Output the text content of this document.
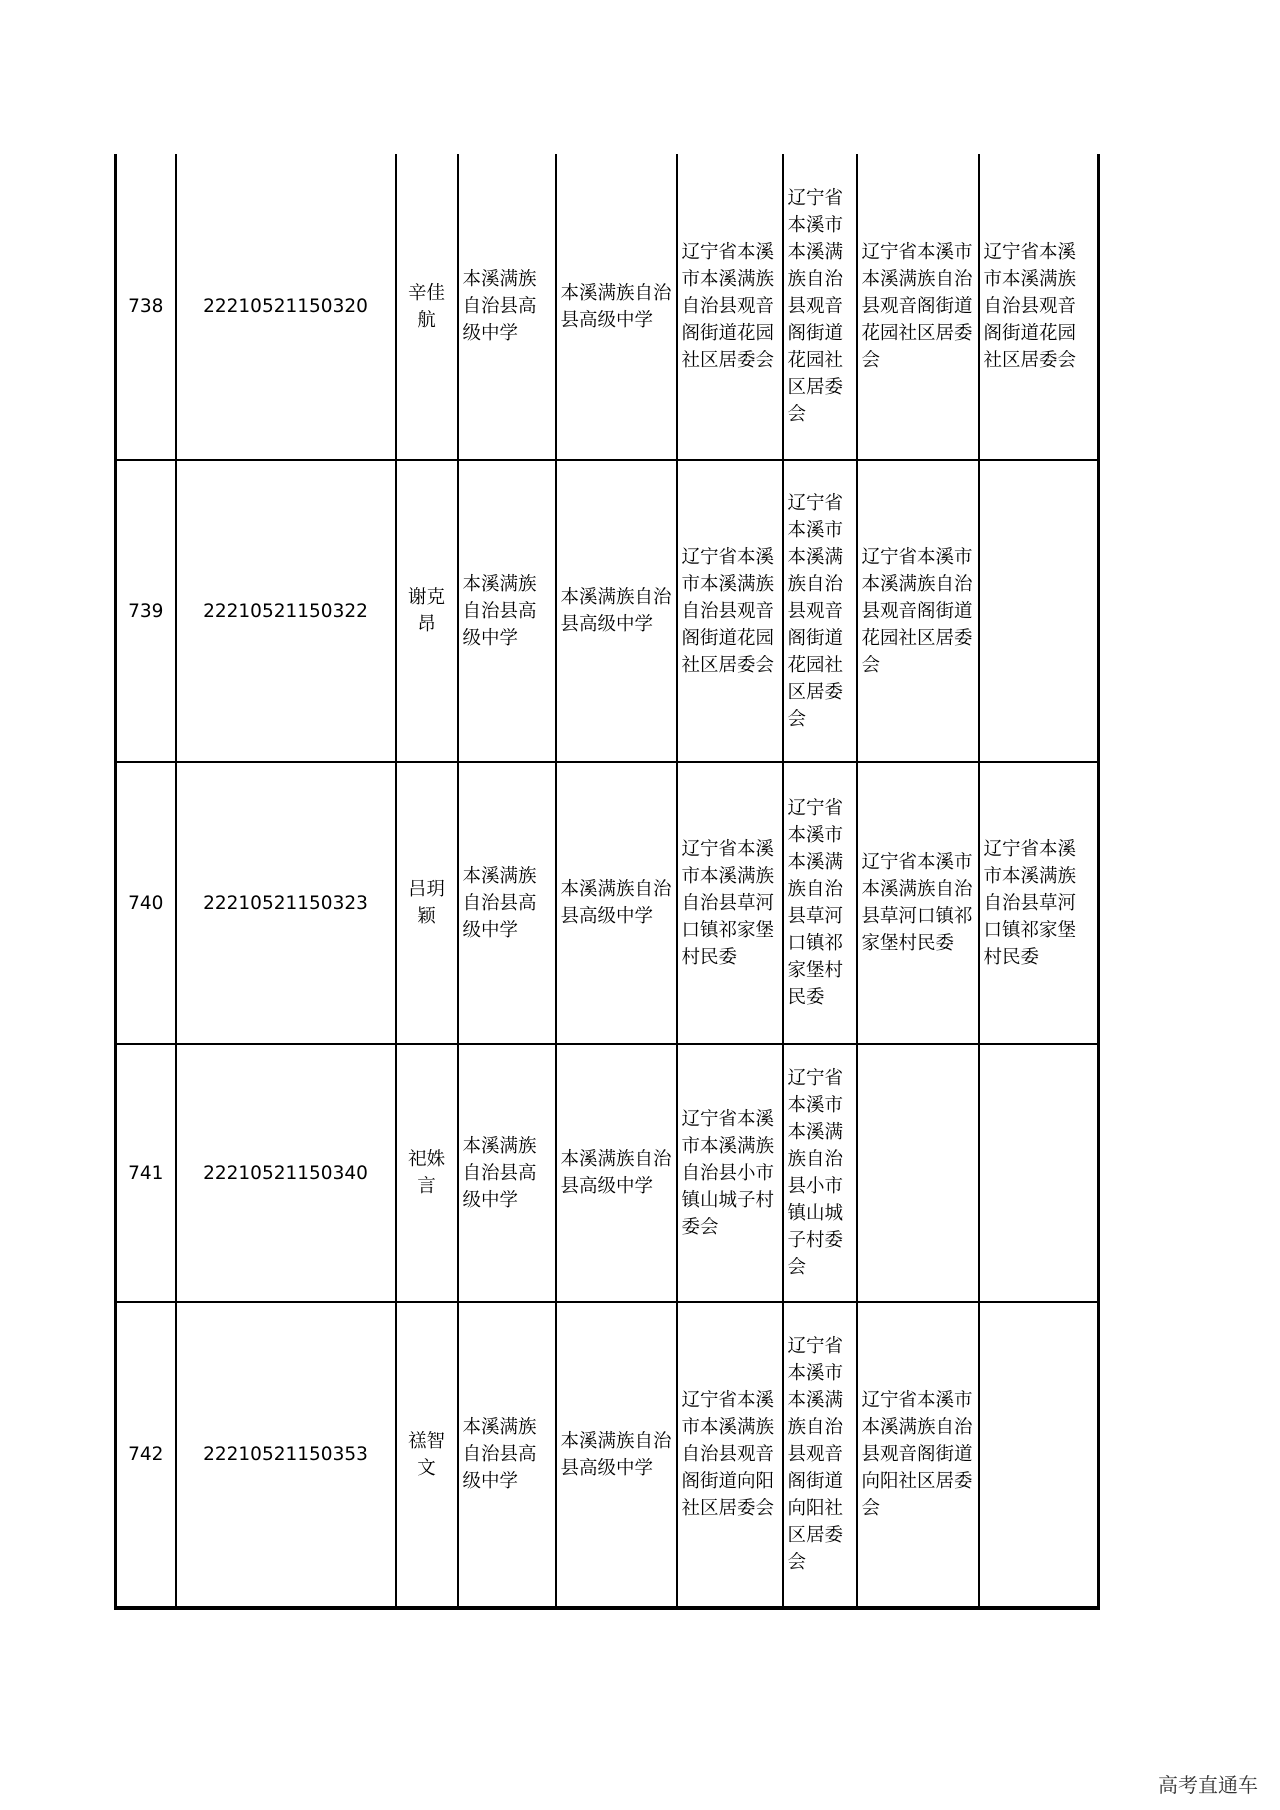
738	22210521150320	辛佳航	本溪满族自治县高级中学	本溪满族自治县高级中学	辽宁省本溪市本溪满族自治县观音阁街道花园社区居委会	辽宁省本溪市本溪满族自治县观音阁街道花园社区居委会	辽宁省本溪市本溪满族自治县观音阁街道花园社区居委会	辽宁省本溪市本溪满族自治县观音阁街道花园社区居委会
739	22210521150322	谢克昂	本溪满族自治县高级中学	本溪满族自治县高级中学	辽宁省本溪市本溪满族自治县观音阁街道花园社区居委会	辽宁省本溪市本溪满族自治县观音阁街道花园社区居委会	辽宁省本溪市本溪满族自治县观音阁街道花园社区居委会	
740	22210521150323	吕玥颖	本溪满族自治县高级中学	本溪满族自治县高级中学	辽宁省本溪市本溪满族自治县草河口镇祁家堡村民委	辽宁省本溪市本溪满族自治县草河口镇祁家堡村民委	辽宁省本溪市本溪满族自治县草河口镇祁家堡村民委	辽宁省本溪市本溪满族自治县草河口镇祁家堡村民委
741	22210521150340	祀姝言	本溪满族自治县高级中学	本溪满族自治县高级中学	辽宁省本溪市本溪满族自治县小市镇山城子村委会	辽宁省本溪市本溪满族自治县小市镇山城子村委会		
742	22210521150353	禚智文	本溪满族自治县高级中学	本溪满族自治县高级中学	辽宁省本溪市本溪满族自治县观音阁街道向阳社区居委会	辽宁省本溪市本溪满族自治县观音阁街道向阳社区居委会	辽宁省本溪市本溪满族自治县观音阁街道向阳社区居委会	
高考直通车
